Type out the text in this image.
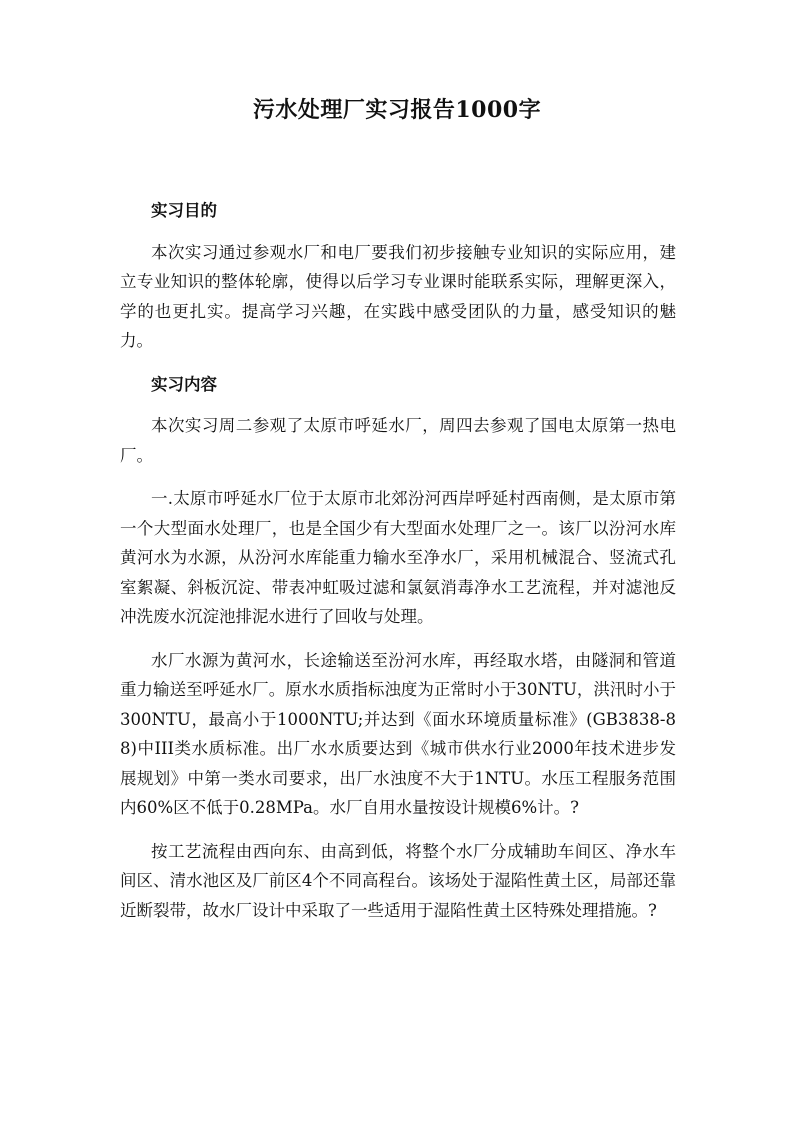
污水处理厂实习报告1000字

实习目的

本次实习通过参观水厂和电厂要我们初步接触专业知识的实际应用，建立专业知识的整体轮廓，使得以后学习专业课时能联系实际，理解更深入，学的也更扎实。提高学习兴趣，在实践中感受团队的力量，感受知识的魅力。

实习内容

本次实习周二参观了太原市呼延水厂，周四去参观了国电太原第一热电厂。

一.太原市呼延水厂位于太原市北郊汾河西岸呼延村西南侧，是太原市第一个大型面水处理厂，也是全国少有大型面水处理厂之一。该厂以汾河水库黄河水为水源，从汾河水库能重力输水至净水厂，采用机械混合、竖流式孔室絮凝、斜板沉淀、带表冲虹吸过滤和氯氨消毒净水工艺流程，并对滤池反冲洗废水沉淀池排泥水进行了回收与处理。

水厂水源为黄河水，长途输送至汾河水库，再经取水塔，由隧洞和管道重力输送至呼延水厂。原水水质指标浊度为正常时小于30NTU，洪汛时小于300NTU，最高小于1000NTU;并达到《面水环境质量标准》(GB3838-88)中III类水质标准。出厂水水质要达到《城市供水行业2000年技术进步发展规划》中第一类水司要求，出厂水浊度不大于1NTU。水压工程服务范围内60%区不低于0.28MPa。水厂自用水量按设计规模6%计。?

按工艺流程由西向东、由高到低，将整个水厂分成辅助车间区、净水车间区、清水池区及厂前区4个不同高程台。该场处于湿陷性黄土区，局部还靠近断裂带，故水厂设计中采取了一些适用于湿陷性黄土区特殊处理措施。?
